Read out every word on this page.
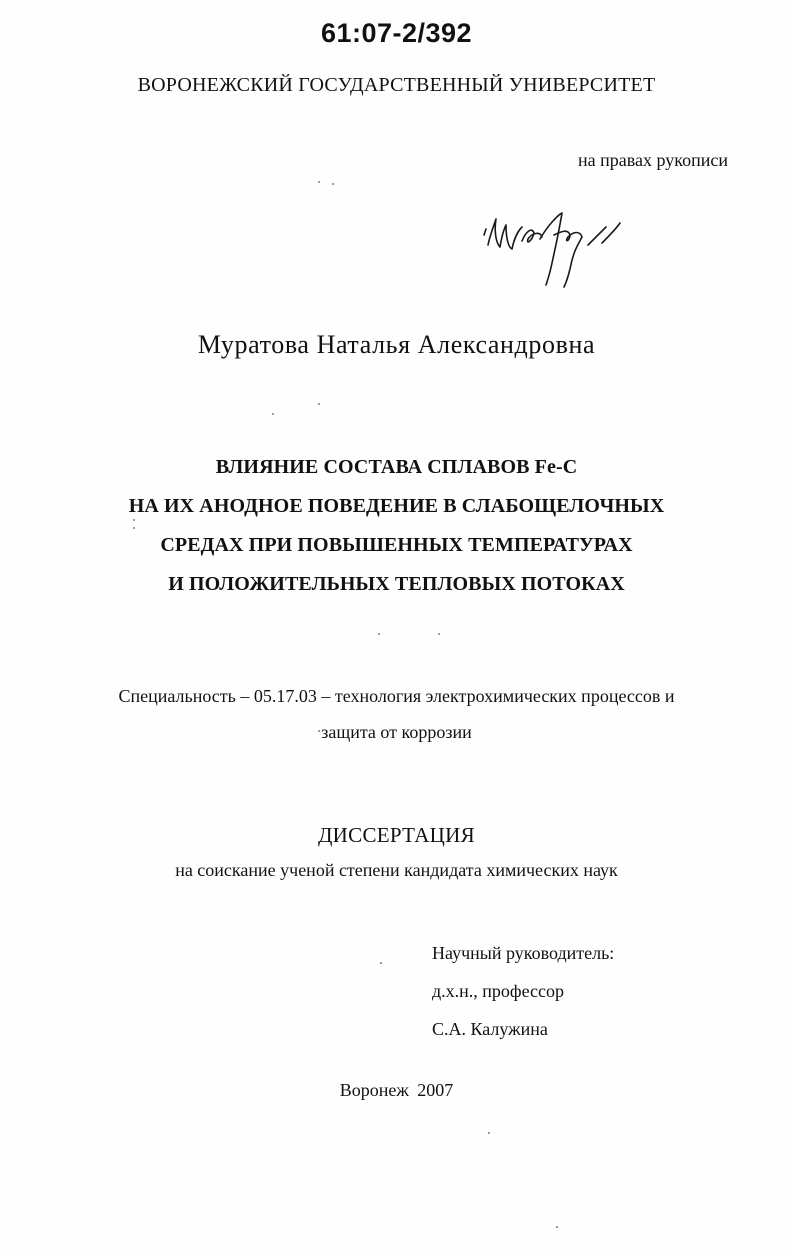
61:07-2/392
ВОРОНЕЖСКИЙ ГОСУДАРСТВЕННЫЙ УНИВЕРСИТЕТ
на правах рукописи
Муратова Наталья Александровна
ВЛИЯНИЕ СОСТАВА СПЛАВОВ Fe-C
НА ИХ АНОДНОЕ ПОВЕДЕНИЕ В СЛАБОЩЕЛОЧНЫХ
СРЕДАХ ПРИ ПОВЫШЕННЫХ ТЕМПЕРАТУРАХ
И ПОЛОЖИТЕЛЬНЫХ ТЕПЛОВЫХ ПОТОКАХ
Специальность – 05.17.03 – технология электрохимических процессов и
защита от коррозии
ДИССЕРТАЦИЯ
на соискание ученой степени кандидата химических наук
Научный руководитель:
д.х.н., профессор
С.А. Калужина
Воронеж 2007
